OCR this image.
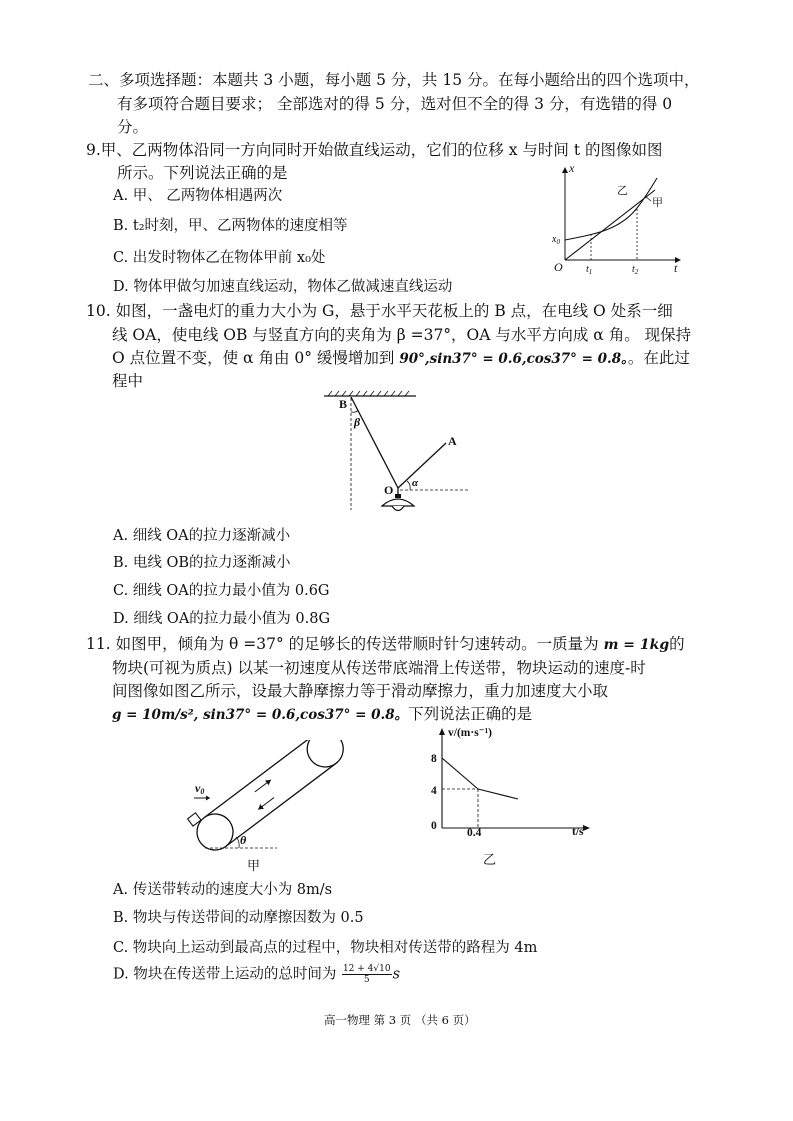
二、多项选择题：本题共 3 小题，每小题 5 分，共 15 分。在每小题给出的四个选项中，
有多项符合题目要求； 全部选对的得 5 分，选对但不全的得 3 分，有选错的得 0
分。
9.甲、乙两物体沿同一方向同时开始做直线运动，它们的位移 x 与时间 t 的图像如图
所示。下列说法正确的是
A. 甲、 乙两物体相遇两次
B. t₂时刻，甲、乙两物体的速度相等
C. 出发时物体乙在物体甲前 x₀处
D. 物体甲做匀加速直线运动，物体乙做减速直线运动
x
t
O
$x_0$
$t_1$	$t_2$
乙
甲
10. 如图，一盏电灯的重力大小为 G，悬于水平天花板上的 B 点，在电线 O 处系一细
线 OA，使电线 OB 与竖直方向的夹角为 β =37°，OA 与水平方向成 α 角。 现保持
O 点位置不变，使 α 角由 0° 缓慢增加到 90°,sin37° = 0.6,cos37° = 0.8。。在此过
程中
B
β
A
α
O
A. 细线 OA的拉力逐渐减小
B. 电线 OB的拉力逐渐减小
C. 细线 OA的拉力最小值为 0.6G
D. 细线 OA的拉力最小值为 0.8G
11. 如图甲，倾角为 θ =37° 的足够长的传送带顺时针匀速转动。一质量为 m = 1kg的
物块(可视为质点) 以某一初速度从传送带底端滑上传送带，物块运动的速度-时
间图像如图乙所示，设最大静摩擦力等于滑动摩擦力，重力加速度大小取
g = 10m/s², sin37° = 0.6,cos37° = 0.8。下列说法正确的是
θ
v0
甲
v/(m·s⁻¹)
t/s
8
4
0
0.4
乙
A. 传送带转动的速度大小为 8m/s
B. 物块与传送带间的动摩擦因数为 0.5
C. 物块向上运动到最高点的过程中，物块相对传送带的路程为 4m
D. 物块在传送带上运动的总时间为 $\frac{12 + 4√10}{5}$ s
高一物理 第 3 页 （共 6 页）
